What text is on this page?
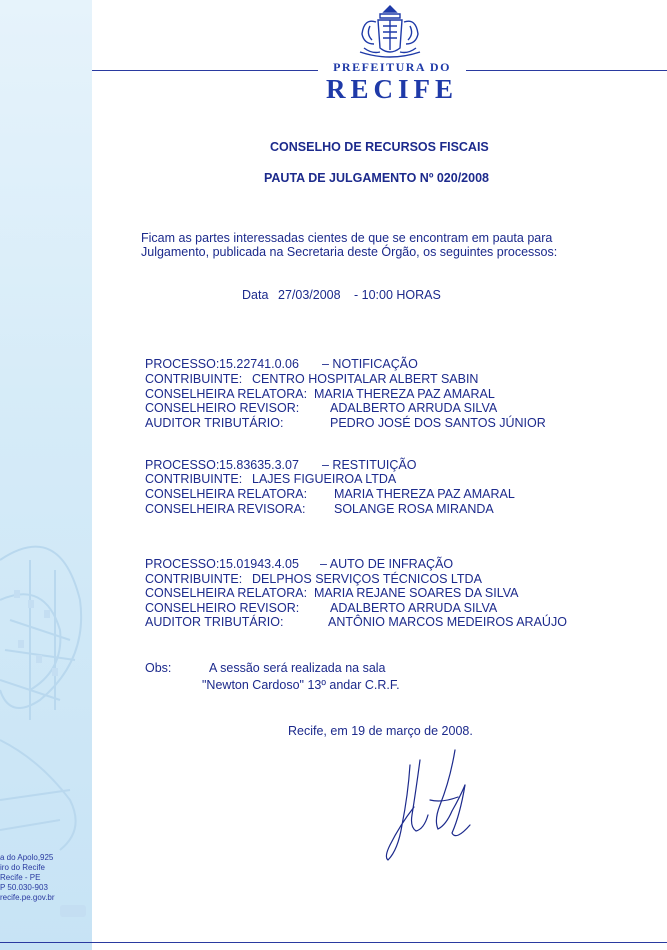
PREFEITURA DO
RECIFE
CONSELHO DE RECURSOS FISCAIS
PAUTA DE JULGAMENTO Nº 020/2008
Ficam as partes interessadas cientes de que se encontram em pauta para
Julgamento, publicada na Secretaria deste Órgão, os seguintes processos:
Data 27/03/2008 - 10:00 HORAS
PROCESSO: 15.22741.0.06 – NOTIFICAÇÃO
CONTRIBUINTE: CENTRO HOSPITALAR ALBERT SABIN
CONSELHEIRA RELATORA: MARIA THEREZA PAZ AMARAL
CONSELHEIRO REVISOR: ADALBERTO ARRUDA SILVA
AUDITOR TRIBUTÁRIO:	PEDRO JOSÉ DOS SANTOS JÚNIOR
PROCESSO: 15.83635.3.07 – RESTITUIÇÃO
CONTRIBUINTE: LAJES FIGUEIROA LTDA
CONSELHEIRA RELATORA: MARIA THEREZA PAZ AMARAL
CONSELHEIRA REVISORA: SOLANGE ROSA MIRANDA
PROCESSO: 15.01943.4.05 – AUTO DE INFRAÇÃO
CONTRIBUINTE: DELPHOS SERVIÇOS TÉCNICOS LTDA
CONSELHEIRA RELATORA: MARIA REJANE SOARES DA SILVA
CONSELHEIRO REVISOR: ADALBERTO ARRUDA SILVA
AUDITOR TRIBUTÁRIO:	ANTÔNIO MARCOS MEDEIROS ARAÚJO
Obs:	A sessão será realizada na sala
"Newton Cardoso" 13º andar C.R.F.
Recife, em 19 de março de 2008.
a do Apolo,925
iro do Recife
Recife - PE
P 50.030-903
recife.pe.gov.br
